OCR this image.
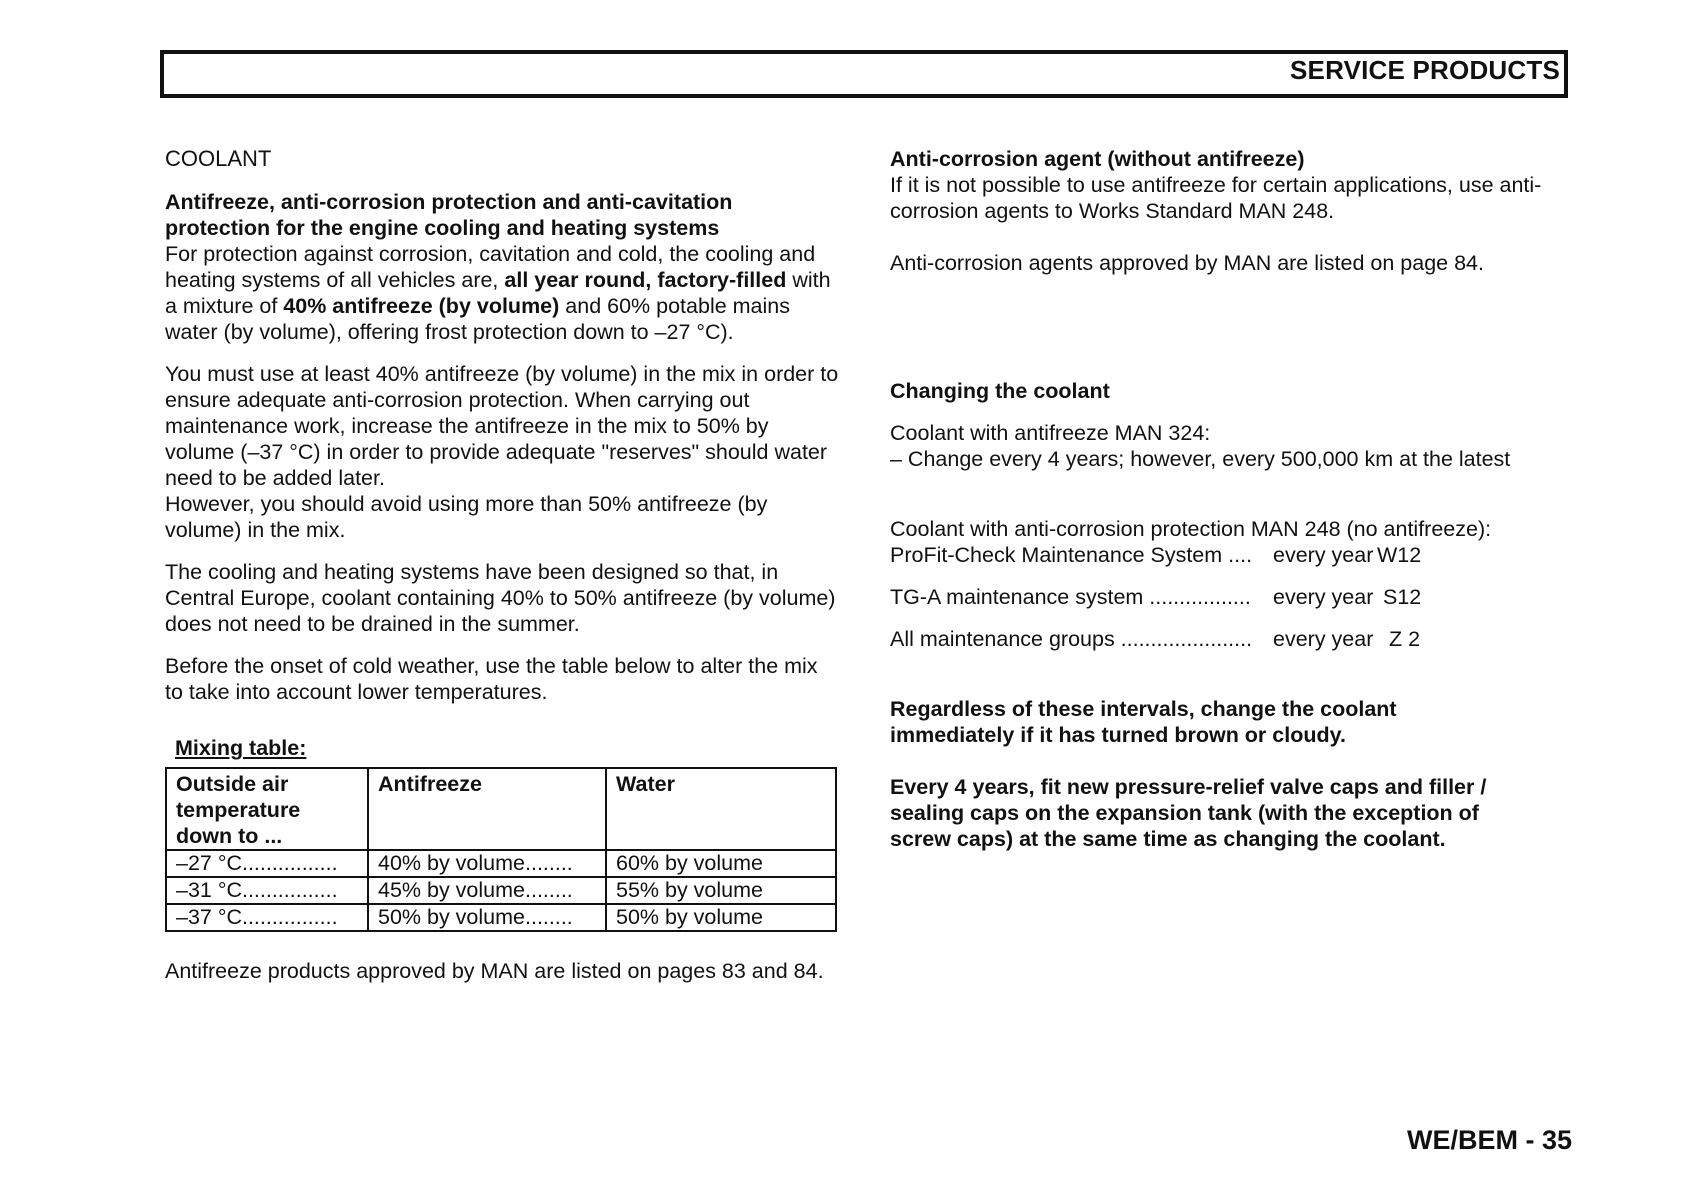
SERVICE PRODUCTS

COOLANT

Antifreeze, anti-corrosion protection and anti-cavitation protection for the engine cooling and heating systems

For protection against corrosion, cavitation and cold, the cooling and heating systems of all vehicles are, all year round, factory-filled with a mixture of 40% antifreeze (by volume) and 60% potable mains water (by volume), offering frost protection down to –27 °C).

You must use at least 40% antifreeze (by volume) in the mix in order to ensure adequate anti-corrosion protection. When carrying out maintenance work, increase the antifreeze in the mix to 50% by volume (–37 °C) in order to provide adequate "reserves" should water need to be added later.

However, you should avoid using more than 50% antifreeze (by volume) in the mix.

The cooling and heating systems have been designed so that, in Central Europe, coolant containing 40% to 50% antifreeze (by volume) does not need to be drained in the summer.

Before the onset of cold weather, use the table below to alter the mix to take into account lower temperatures.

Mixing table:

Outside air temperature down to ...	Antifreeze	Water
–27 °C................	40% by volume........	60% by volume
–31 °C................	45% by volume........	55% by volume
–37 °C................	50% by volume........	50% by volume

Antifreeze products approved by MAN are listed on pages 83 and 84.

Anti-corrosion agent (without antifreeze)

If it is not possible to use antifreeze for certain applications, use anti-corrosion agents to Works Standard MAN 248.

Anti-corrosion agents approved by MAN are listed on page 84.

Changing the coolant

Coolant with antifreeze MAN 324:

– Change every 4 years; however, every 500,000 km at the latest

Coolant with anti-corrosion protection MAN 248 (no antifreeze):

ProFit-Check Maintenance System .... every year W12
TG-A maintenance system .................	every year S12
All maintenance groups ...................... every year Z 2

Regardless of these intervals, change the coolant immediately if it has turned brown or cloudy.

Every 4 years, fit new pressure-relief valve caps and filler / sealing caps on the expansion tank (with the exception of screw caps) at the same time as changing the coolant.

WE/BEM - 35
